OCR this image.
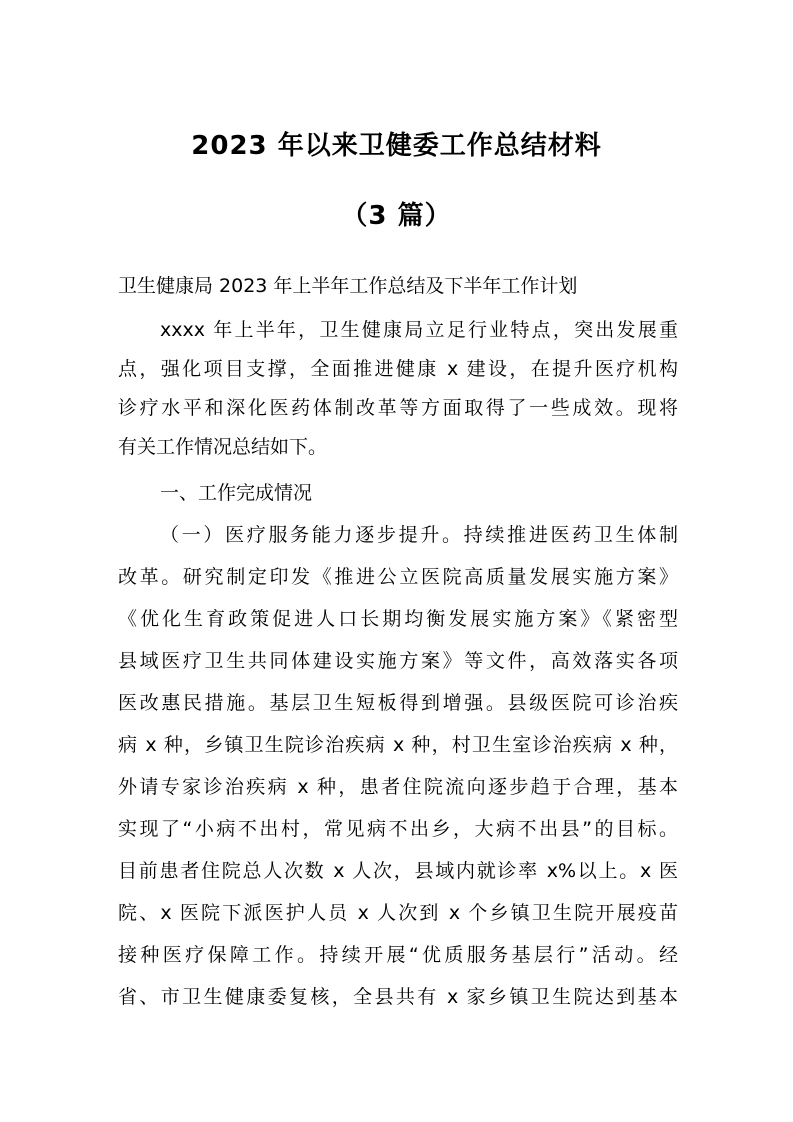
2023 年以来卫健委工作总结材料
（3 篇）
卫生健康局 2023 年上半年工作总结及下半年工作计划
xxxx 年上半年，卫生健康局立足行业特点，突出发展重
点，强化项目支撑，全面推进健康 x 建设，在提升医疗机构
诊疗水平和深化医药体制改革等方面取得了一些成效。现将
有关工作情况总结如下。
一、工作完成情况
（一）医疗服务能力逐步提升。持续推进医药卫生体制
改革。研究制定印发《推进公立医院高质量发展实施方案》
《优化生育政策促进人口长期均衡发展实施方案》《紧密型
县域医疗卫生共同体建设实施方案》等文件，高效落实各项
医改惠民措施。基层卫生短板得到增强。县级医院可诊治疾
病 x 种，乡镇卫生院诊治疾病 x 种，村卫生室诊治疾病 x 种，
外请专家诊治疾病 x 种，患者住院流向逐步趋于合理，基本
实现了“小病不出村，常见病不出乡，大病不出县”的目标。
目前患者住院总人次数 x 人次，县域内就诊率 x%以上。x 医
院、x 医院下派医护人员 x 人次到 x 个乡镇卫生院开展疫苗
接种医疗保障工作。持续开展“优质服务基层行”活动。经
省、市卫生健康委复核，全县共有 x 家乡镇卫生院达到基本
